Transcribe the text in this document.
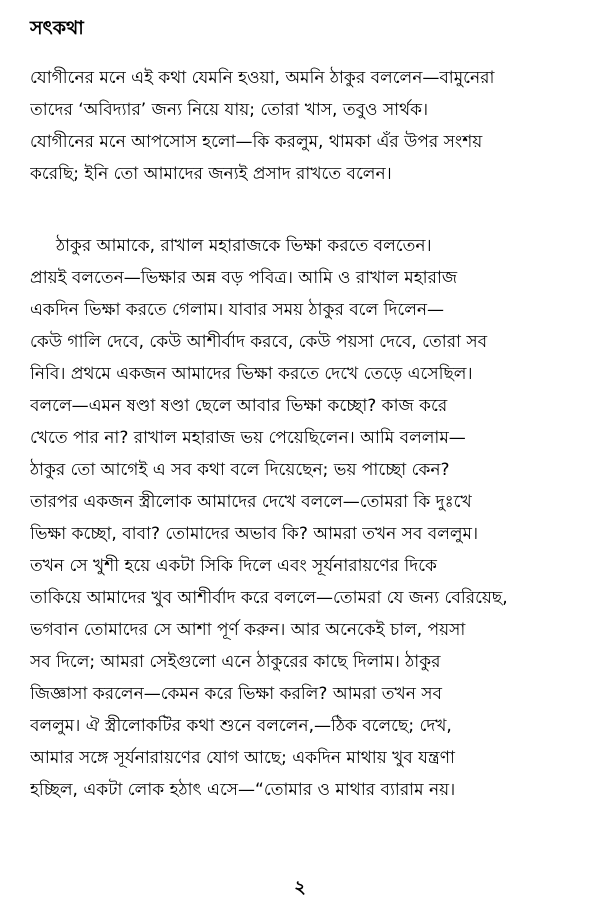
সৎকথা
যোগীনের মনে এই কথা যেমনি হওয়া, অমনি ঠাকুর বললেন—বামুনেরা
তাদের ‘অবিদ্যার’ জন্য নিয়ে যায়; তোরা খাস, তবুও সার্থক।
যোগীনের মনে আপসোস হলো—কি করলুম, থামকা এঁর উপর সংশয়
করেছি; ইনি তো আমাদের জন্যই প্রসাদ রাখতে বলেন।
ঠাকুর আমাকে, রাখাল মহারাজকে ভিক্ষা করতে বলতেন।
প্রায়ই বলতেন—ভিক্ষার অন্ন বড় পবিত্র। আমি ও রাখাল মহারাজ
একদিন ভিক্ষা করতে গেলাম। যাবার সময় ঠাকুর বলে দিলেন—
কেউ গালি দেবে, কেউ আশীর্বাদ করবে, কেউ পয়সা দেবে, তোরা সব
নিবি। প্রথমে একজন আমাদের ভিক্ষা করতে দেখে তেড়ে এসেছিল।
বললে—এমন ষণ্ডা ষণ্ডা ছেলে আবার ভিক্ষা কচ্ছো? কাজ করে
খেতে পার না? রাখাল মহারাজ ভয় পেয়েছিলেন। আমি বললাম—
ঠাকুর তো আগেই এ সব কথা বলে দিয়েছেন; ভয় পাচ্ছো কেন?
তারপর একজন স্ত্রীলোক আমাদের দেখে বললে—তোমরা কি দুঃখে
ভিক্ষা কচ্ছো, বাবা? তোমাদের অভাব কি? আমরা তখন সব বললুম।
তখন সে খুশী হয়ে একটা সিকি দিলে এবং সূর্যনারায়ণের দিকে
তাকিয়ে আমাদের খুব আশীর্বাদ করে বললে—তোমরা যে জন্য বেরিয়েছ,
ভগবান তোমাদের সে আশা পূর্ণ করুন। আর অনেকেই চাল, পয়সা
সব দিলে; আমরা সেইগুলো এনে ঠাকুরের কাছে দিলাম। ঠাকুর
জিজ্ঞাসা করলেন—কেমন করে ভিক্ষা করলি? আমরা তখন সব
বললুম। ঐ স্ত্রীলোকটির কথা শুনে বললেন,—ঠিক বলেছে; দেখ,
আমার সঙ্গে সূর্যনারায়ণের যোগ আছে; একদিন মাথায় খুব যন্ত্রণা
হচ্ছিল, একটা লোক হঠাৎ এসে—“তোমার ও মাথার ব্যারাম নয়।
২
